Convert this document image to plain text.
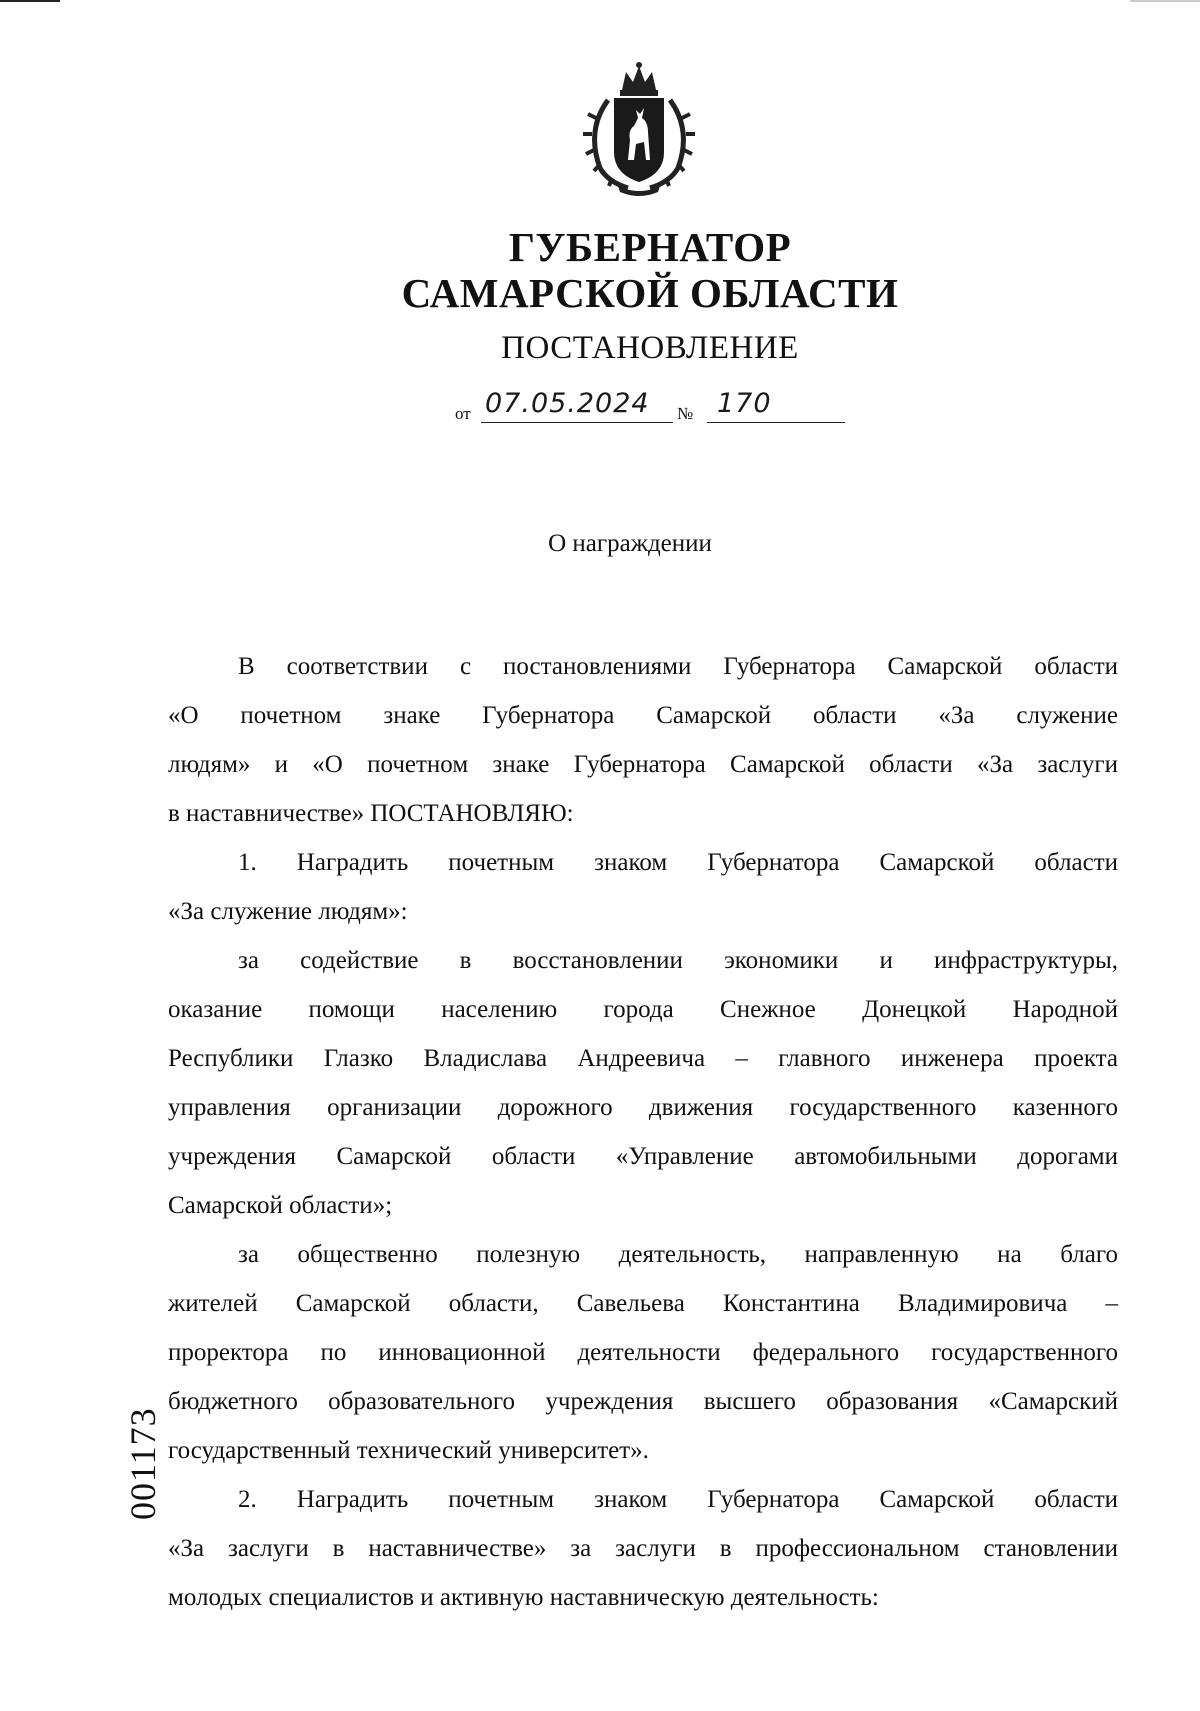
ГУБЕРНАТОР
САМАРСКОЙ ОБЛАСТИ
ПОСТАНОВЛЕНИЕ
от 07.05.2024 № 170
О награждении
В соответствии с постановлениями Губернатора Самарской области
«О почетном знаке Губернатора Самарской области «За служение
людям» и «О почетном знаке Губернатора Самарской области «За заслуги
в наставничестве» ПОСТАНОВЛЯЮ:
1. Наградить почетным знаком Губернатора Самарской области
«За служение людям»:
за содействие в восстановлении экономики и инфраструктуры,
оказание помощи населению города Снежное Донецкой Народной
Республики Глазко Владислава Андреевича – главного инженера проекта
управления организации дорожного движения государственного казенного
учреждения Самарской области «Управление автомобильными дорогами
Самарской области»;
за общественно полезную деятельность, направленную на благо
жителей Самарской области, Савельева Константина Владимировича –
проректора по инновационной деятельности федерального государственного
бюджетного образовательного учреждения высшего образования «Самарский
государственный технический университет».
2. Наградить почетным знаком Губернатора Самарской области
«За заслуги в наставничестве» за заслуги в профессиональном становлении
молодых специалистов и активную наставническую деятельность:
001173
